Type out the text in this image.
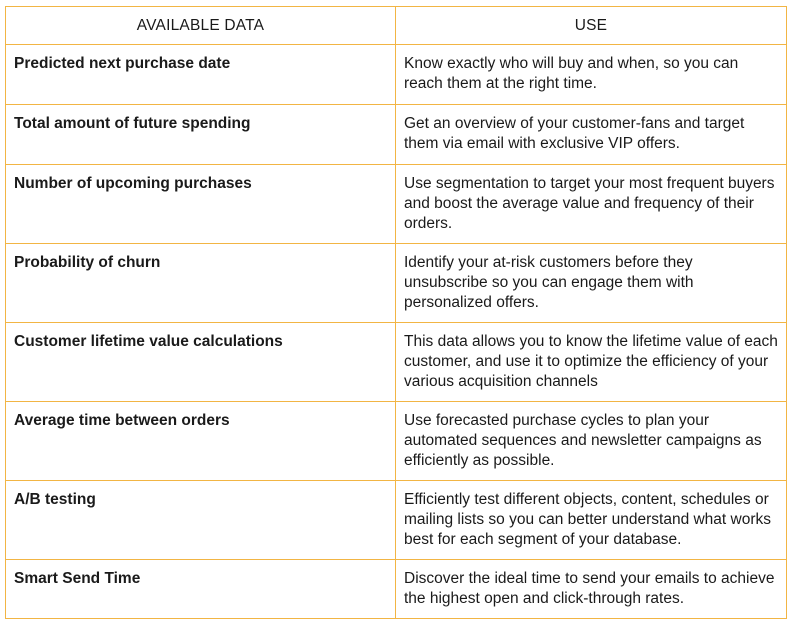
AVAILABLE DATA	USE
Predicted next purchase date	Know exactly who will buy and when, so you can reach them at the right time.
Total amount of future spending	Get an overview of your customer-fans and target them via email with exclusive VIP offers.
Number of upcoming purchases	Use segmentation to target your most frequent buyers and boost the average value and frequency of their orders.
Probability of churn	Identify your at-risk customers before they unsubscribe so you can engage them with personalized offers.
Customer lifetime value calculations	This data allows you to know the lifetime value of each customer, and use it to optimize the efficiency of your various acquisition channels
Average time between orders	Use forecasted purchase cycles to plan your automated sequences and newsletter campaigns as efficiently as possible.
A/B testing	Efficiently test different objects, content, schedules or mailing lists so you can better understand what works best for each segment of your database.
Smart Send Time	Discover the ideal time to send your emails to achieve the highest open and click-through rates.
